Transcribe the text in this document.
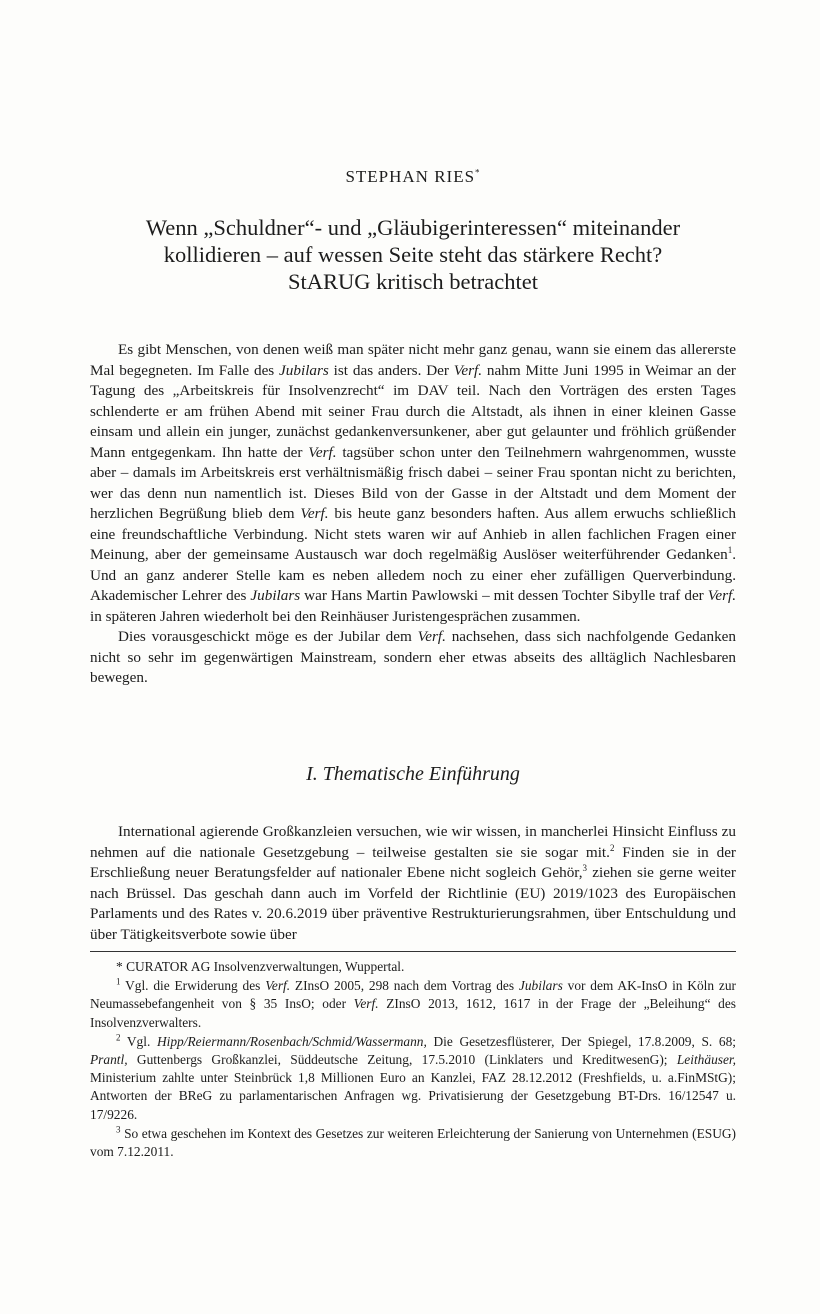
STEPHAN RIES*
Wenn „Schuldner“- und „Gläubigerinteressen“ miteinander
kollidieren – auf wessen Seite steht das stärkere Recht?
StARUG kritisch betrachtet

Es gibt Menschen, von denen weiß man später nicht mehr ganz genau, wann sie einem das allererste Mal begegneten. Im Falle des Jubilars ist das anders. Der Verf. nahm Mitte Juni 1995 in Weimar an der Tagung des „Arbeitskreis für Insolvenzrecht“ im DAV teil. Nach den Vorträgen des ersten Tages schlenderte er am frühen Abend mit seiner Frau durch die Altstadt, als ihnen in einer kleinen Gasse einsam und allein ein junger, zunächst gedankenversunkener, aber gut gelaunter und fröhlich grüßender Mann entgegenkam. Ihn hatte der Verf. tagsüber schon unter den Teilnehmern wahrgenommen, wusste aber – damals im Arbeitskreis erst verhältnismäßig frisch dabei – seiner Frau spontan nicht zu berichten, wer das denn nun namentlich ist. Dieses Bild von der Gasse in der Altstadt und dem Moment der herzlichen Begrüßung blieb dem Verf. bis heute ganz besonders haften. Aus allem erwuchs schließlich eine freundschaftliche Verbindung. Nicht stets waren wir auf Anhieb in allen fachlichen Fragen einer Meinung, aber der gemeinsame Austausch war doch regelmäßig Auslöser weiterführender Gedanken$^1$. Und an ganz anderer Stelle kam es neben alledem noch zu einer eher zufälligen Querverbindung. Akademischer Lehrer des Jubilars war Hans Martin Pawlowski – mit dessen Tochter Sibylle traf der Verf. in späteren Jahren wiederholt bei den Reinhäuser Juristengesprächen zusammen.

Dies vorausgeschickt möge es der Jubilar dem Verf. nachsehen, dass sich nachfolgende Gedanken nicht so sehr im gegenwärtigen Mainstream, sondern eher etwas abseits des alltäglich Nachlesbaren bewegen.

I. Thematische Einführung

International agierende Großkanzleien versuchen, wie wir wissen, in mancherlei Hinsicht Einfluss zu nehmen auf die nationale Gesetzgebung – teilweise gestalten sie sie sogar mit.$^2$ Finden sie in der Erschließung neuer Beratungsfelder auf nationaler Ebene nicht sogleich Gehör,$^3$ ziehen sie gerne weiter nach Brüssel. Das geschah dann auch im Vorfeld der Richtlinie (EU) 2019/1023 des Europäischen Parlaments und des Rates v. 20.6.2019 über präventive Restrukturierungsrahmen, über Entschuldung und über Tätigkeitsverbote sowie über

* CURATOR AG Insolvenzverwaltungen, Wuppertal.

$^1$ Vgl. die Erwiderung des Verf. ZInsO 2005, 298 nach dem Vortrag des Jubilars vor dem AK-InsO in Köln zur Neumassebefangenheit von § 35 InsO; oder Verf. ZInsO 2013, 1612, 1617 in der Frage der „Beleihung“ des Insolvenzverwalters.

$^2$ Vgl. Hipp/Reiermann/Rosenbach/Schmid/Wassermann, Die Gesetzesflüsterer, Der Spiegel, 17.8.2009, S. 68; Prantl, Guttenbergs Großkanzlei, Süddeutsche Zeitung, 17.5.2010 (Linklaters und KreditwesenG); Leithäuser, Ministerium zahlte unter Steinbrück 1,8 Millionen Euro an Kanzlei, FAZ 28.12.2012 (Freshfields, u. a.FinMStG); Antworten der BReG zu parlamentarischen Anfragen wg. Privatisierung der Gesetzgebung BT-Drs. 16/12547 u. 17/9226.

$^3$ So etwa geschehen im Kontext des Gesetzes zur weiteren Erleichterung der Sanierung von Unternehmen (ESUG) vom 7.12.2011.
